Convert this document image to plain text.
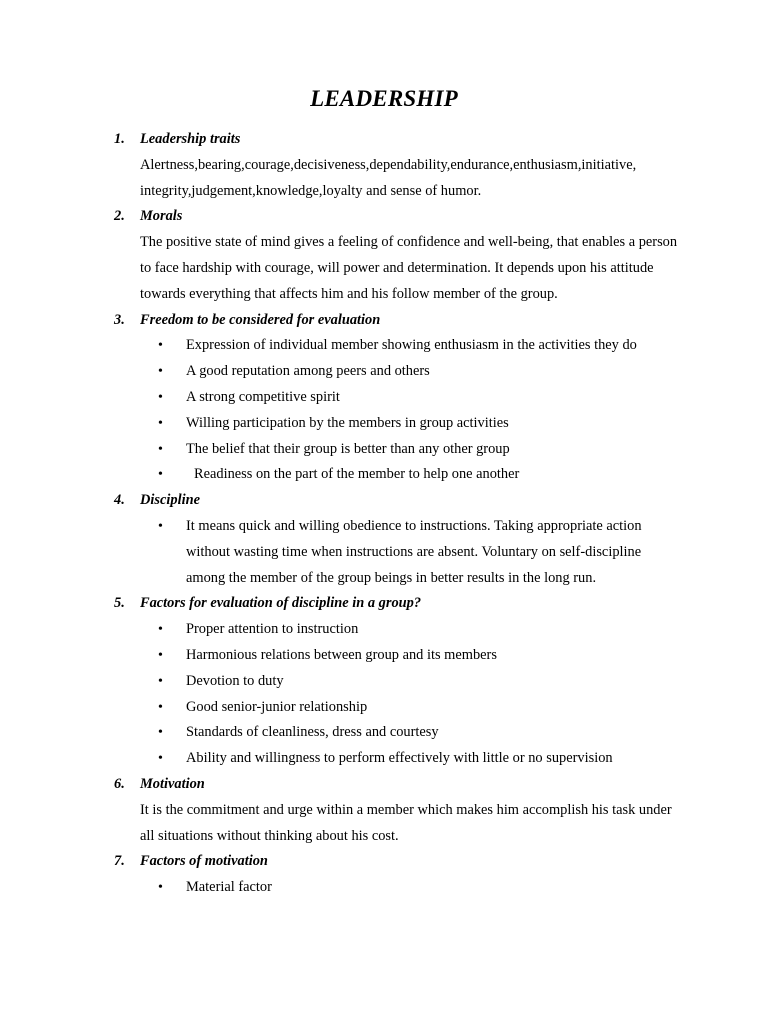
LEADERSHIP
1. Leadership traits
Alertness,bearing,courage,decisiveness,dependability,endurance,enthusiasm,initiative, integrity,judgement,knowledge,loyalty and sense of humor.
2. Morals
The positive state of mind gives a feeling of confidence and well-being, that enables a person to face hardship with courage, will power and determination. It depends upon his attitude towards everything that affects him and his follow member of the group.
3. Freedom to be considered for evaluation
• Expression of individual member showing enthusiasm in the activities they do
• A good reputation among peers and others
• A strong competitive spirit
• Willing participation by the members in group activities
• The belief that their group is better than any other group
• Readiness on the part of the member to help one another
4. Discipline
• It means quick and willing obedience to instructions. Taking appropriate action without wasting time when instructions are absent. Voluntary on self-discipline among the member of the group beings in better results in the long run.
5. Factors for evaluation of discipline in a group?
• Proper attention to instruction
• Harmonious relations between group and its members
• Devotion to duty
• Good senior-junior relationship
• Standards of cleanliness, dress and courtesy
• Ability and willingness to perform effectively with little or no supervision
6. Motivation
It is the commitment and urge within a member which makes him accomplish his task under all situations without thinking about his cost.
7. Factors of motivation
• Material factor
